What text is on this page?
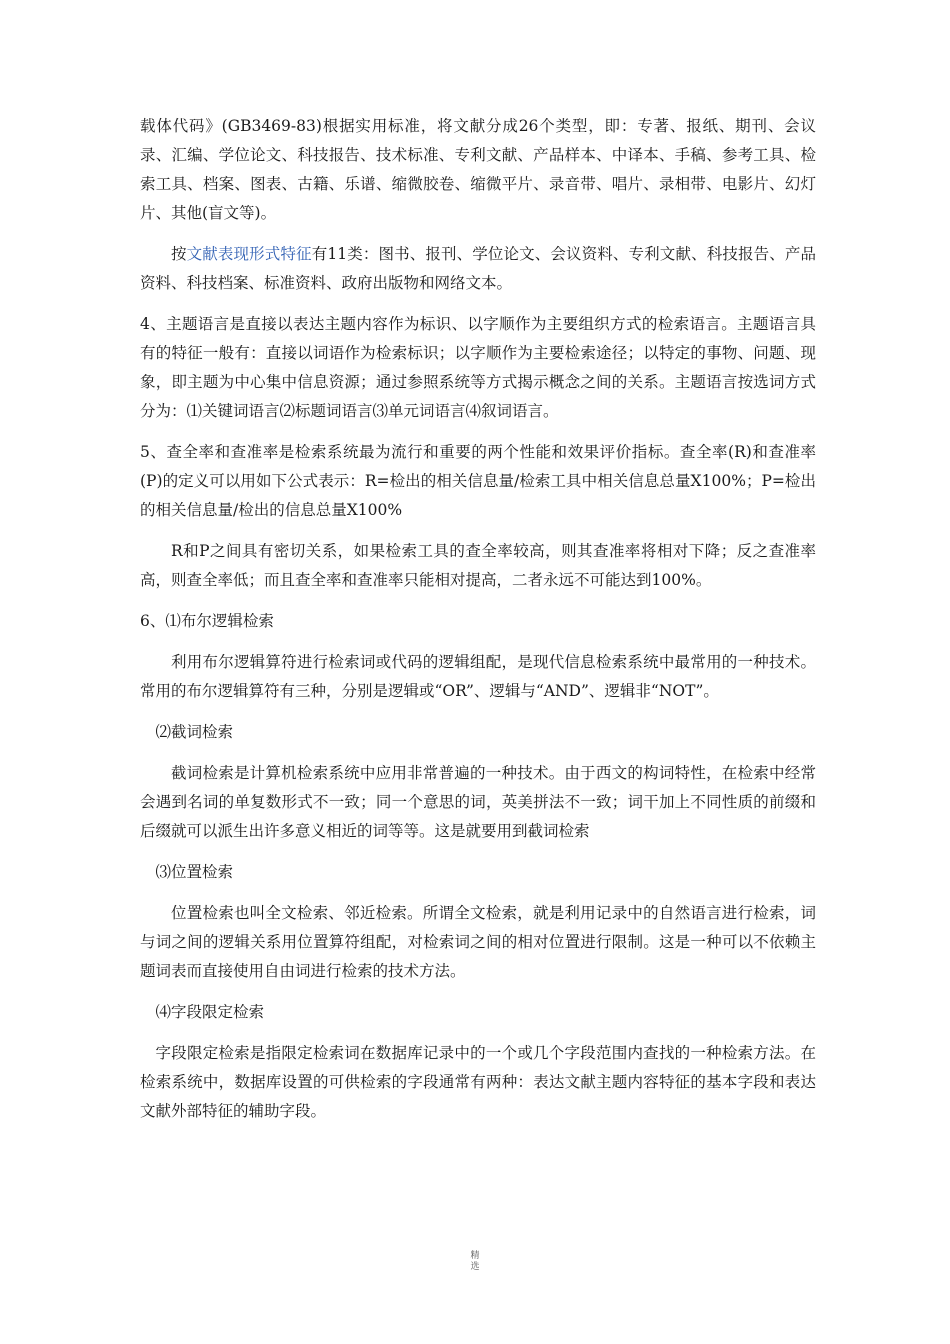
载体代码》(GB3469-83)根据实用标准，将文献分成26个类型，即：专著、报纸、期刊、会议录、汇编、学位论文、科技报告、技术标准、专利文献、产品样本、中译本、手稿、参考工具、检索工具、档案、图表、古籍、乐谱、缩微胶卷、缩微平片、录音带、唱片、录相带、电影片、幻灯片、其他(盲文等)。

按文献表现形式特征有11类：图书、报刊、学位论文、会议资料、专利文献、科技报告、产品资料、科技档案、标准资料、政府出版物和网络文本。

4、主题语言是直接以表达主题内容作为标识、以字顺作为主要组织方式的检索语言。主题语言具有的特征一般有：直接以词语作为检索标识；以字顺作为主要检索途径；以特定的事物、问题、现象，即主题为中心集中信息资源；通过参照系统等方式揭示概念之间的关系。主题语言按选词方式分为：⑴关键词语言⑵标题词语言⑶单元词语言⑷叙词语言。

5、查全率和查准率是检索系统最为流行和重要的两个性能和效果评价指标。查全率(R)和查准率(P)的定义可以用如下公式表示：R=检出的相关信息量/检索工具中相关信息总量Ⅹ100%；P=检出的相关信息量/检出的信息总量Ⅹ100%

R和P之间具有密切关系，如果检索工具的查全率较高，则其查准率将相对下降；反之查准率高，则查全率低；而且查全率和查准率只能相对提高，二者永远不可能达到100%。

6、⑴布尔逻辑检索

利用布尔逻辑算符进行检索词或代码的逻辑组配，是现代信息检索系统中最常用的一种技术。常用的布尔逻辑算符有三种，分别是逻辑或“OR”、逻辑与“AND”、逻辑非“NOT”。

⑵截词检索

截词检索是计算机检索系统中应用非常普遍的一种技术。由于西文的构词特性，在检索中经常会遇到名词的单复数形式不一致；同一个意思的词，英美拼法不一致；词干加上不同性质的前缀和后缀就可以派生出许多意义相近的词等等。这是就要用到截词检索

⑶位置检索

位置检索也叫全文检索、邻近检索。所谓全文检索，就是利用记录中的自然语言进行检索，词与词之间的逻辑关系用位置算符组配，对检索词之间的相对位置进行限制。这是一种可以不依赖主题词表而直接使用自由词进行检索的技术方法。

⑷字段限定检索

字段限定检索是指限定检索词在数据库记录中的一个或几个字段范围内查找的一种检索方法。在检索系统中，数据库设置的可供检索的字段通常有两种：表达文献主题内容特征的基本字段和表达文献外部特征的辅助字段。

精
选
